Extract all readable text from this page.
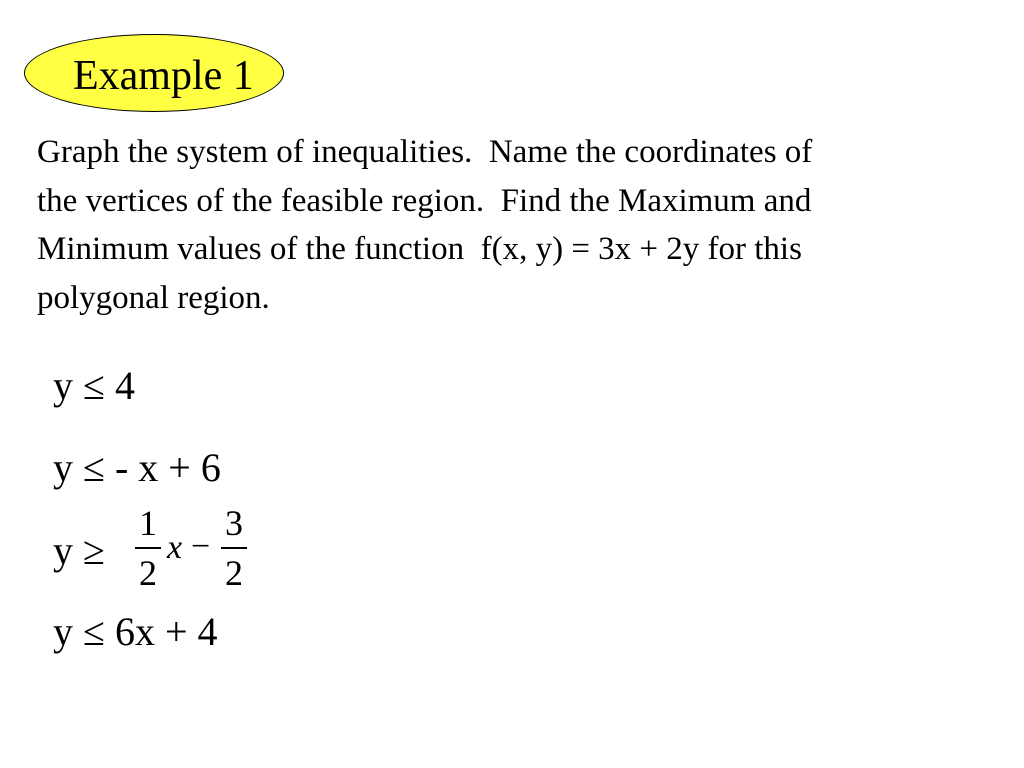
Example 1
Graph the system of inequalities.  Name the coordinates of
the vertices of the feasible region.  Find the Maximum and
Minimum values of the function  f(x, y) = 3x + 2y for this
polygonal region.
y ≤ 4
y ≤ - x + 6
y ≥
1
2
x −
3
2
y ≤ 6x + 4
